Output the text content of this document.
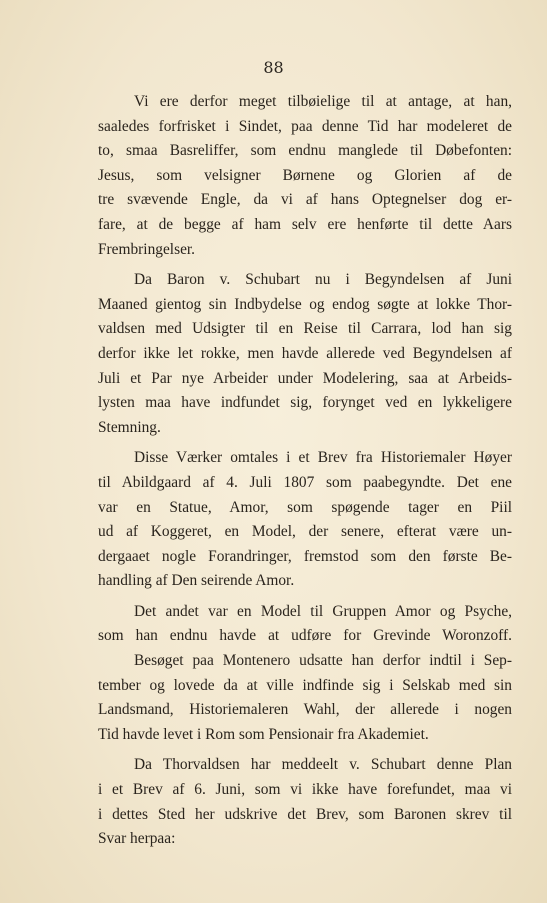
88
Vi ere derfor meget tilbøielige til at antage, at han,
saaledes forfrisket i Sindet, paa denne Tid har modeleret de
to, smaa Basreliffer, som endnu manglede til Døbefonten:
Jesus, som velsigner Børnene og Glorien af de
tre svævende Engle, da vi af hans Optegnelser dog er-
fare, at de begge af ham selv ere henførte til dette Aars
Frembringelser.
Da Baron v. Schubart nu i Begyndelsen af Juni
Maaned gientog sin Indbydelse og endog søgte at lokke Thor-
valdsen med Udsigter til en Reise til Carrara, lod han sig
derfor ikke let rokke, men havde allerede ved Begyndelsen af
Juli et Par nye Arbeider under Modelering, saa at Arbeids-
lysten maa have indfundet sig, forynget ved en lykkeligere
Stemning.
Disse Værker omtales i et Brev fra Historiemaler Høyer
til Abildgaard af 4. Juli 1807 som paabegyndte. Det ene
var en Statue, Amor, som spøgende tager en Piil
ud af Koggeret, en Model, der senere, efterat være un-
dergaaet nogle Forandringer, fremstod som den første Be-
handling af Den seirende Amor.
Det andet var en Model til Gruppen Amor og Psyche,
som han endnu havde at udføre for Grevinde Woronzoff.
Besøget paa Montenero udsatte han derfor indtil i Sep-
tember og lovede da at ville indfinde sig i Selskab med sin
Landsmand, Historiemaleren Wahl, der allerede i nogen
Tid havde levet i Rom som Pensionair fra Akademiet.
Da Thorvaldsen har meddeelt v. Schubart denne Plan
i et Brev af 6. Juni, som vi ikke have forefundet, maa vi
i dettes Sted her udskrive det Brev, som Baronen skrev til
Svar herpaa:
